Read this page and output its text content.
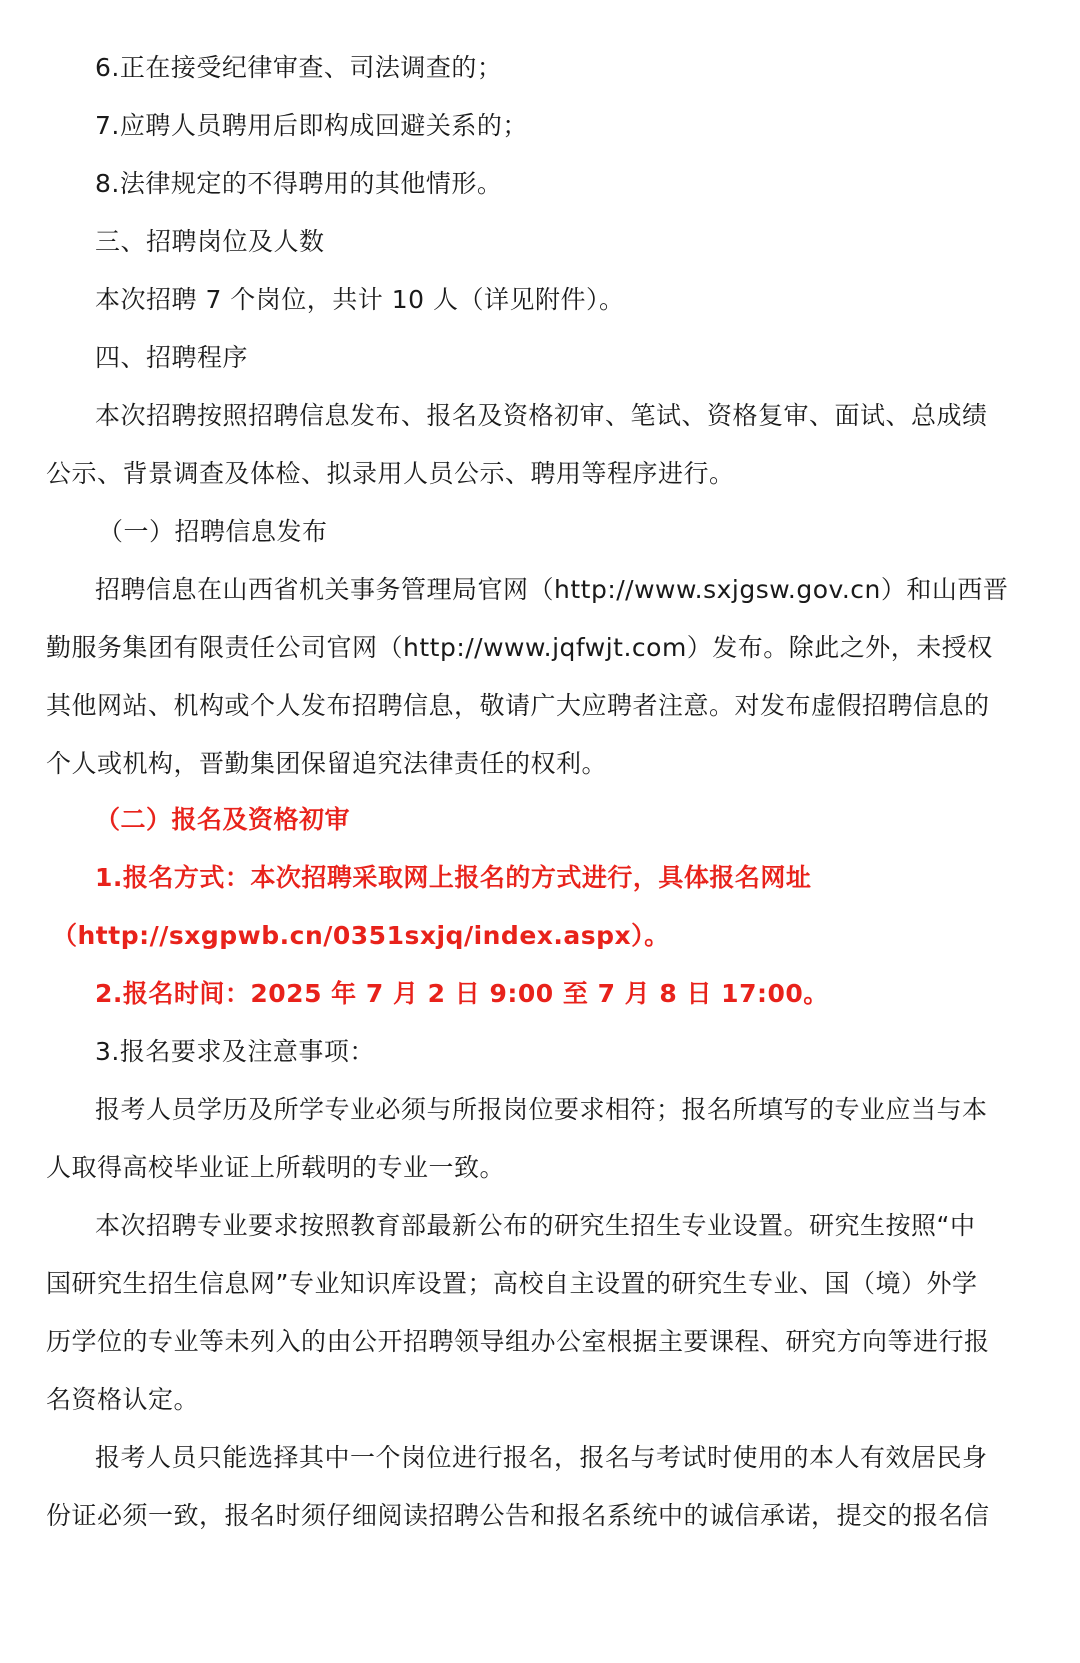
6.正在接受纪律审查、司法调查的；
7.应聘人员聘用后即构成回避关系的；
8.法律规定的不得聘用的其他情形。
三、招聘岗位及人数
本次招聘 7 个岗位，共计 10 人（详见附件）。
四、招聘程序
本次招聘按照招聘信息发布、报名及资格初审、笔试、资格复审、面试、总成绩
公示、背景调查及体检、拟录用人员公示、聘用等程序进行。
（一）招聘信息发布
招聘信息在山西省机关事务管理局官网（http://www.sxjgsw.gov.cn）和山西晋
勤服务集团有限责任公司官网（http://www.jqfwjt.com）发布。除此之外，未授权
其他网站、机构或个人发布招聘信息，敬请广大应聘者注意。对发布虚假招聘信息的
个人或机构，晋勤集团保留追究法律责任的权利。
（二）报名及资格初审
1.报名方式：本次招聘采取网上报名的方式进行，具体报名网址
（http://sxgpwb.cn/0351sxjq/index.aspx）。
2.报名时间：2025 年 7 月 2 日 9:00 至 7 月 8 日 17:00。
3.报名要求及注意事项：
报考人员学历及所学专业必须与所报岗位要求相符；报名所填写的专业应当与本
人取得高校毕业证上所载明的专业一致。
本次招聘专业要求按照教育部最新公布的研究生招生专业设置。研究生按照“中
国研究生招生信息网”专业知识库设置；高校自主设置的研究生专业、国（境）外学
历学位的专业等未列入的由公开招聘领导组办公室根据主要课程、研究方向等进行报
名资格认定。
报考人员只能选择其中一个岗位进行报名，报名与考试时使用的本人有效居民身
份证必须一致，报名时须仔细阅读招聘公告和报名系统中的诚信承诺，提交的报名信
